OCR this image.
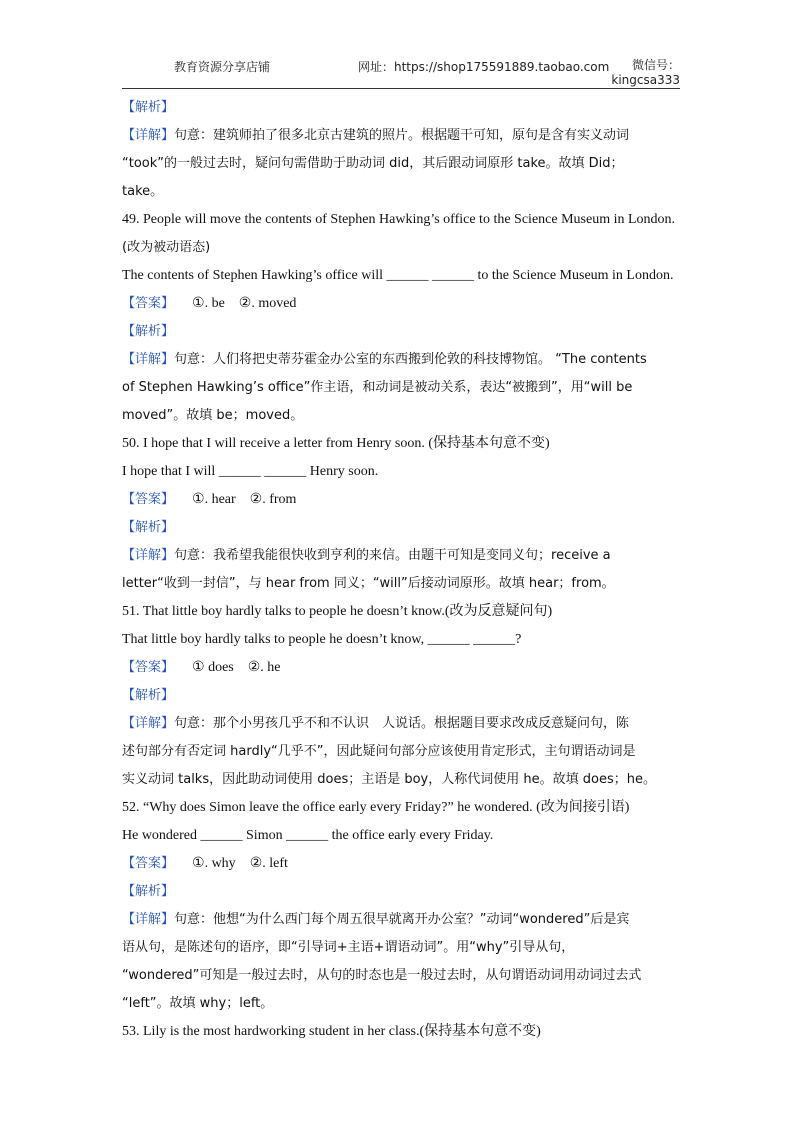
教育资源分享店铺	网址：https://shop175591889.taobao.com	微信号：
kingcsa333
【解析】
【详解】句意：建筑师拍了很多北京古建筑的照片。根据题干可知，原句是含有实义动词
“took”的一般过去时，疑问句需借助于助动词 did，其后跟动词原形 take。故填 Did；
take。
49. People will move the contents of Stephen Hawking’s office to the Science Museum in London.
(改为被动语态)
The contents of Stephen Hawking’s office will ______ ______ to the Science Museum in London.
【答案】 ①. be ②. moved
【解析】
【详解】句意：人们将把史蒂芬霍金办公室的东西搬到伦敦的科技博物馆。 “The contents
of Stephen Hawking’s office”作主语，和动词是被动关系，表达“被搬到”，用“will be
moved”。故填 be；moved。
50. I hope that I will receive a letter from Henry soon. (保持基本句意不变)
I hope that I will ______ ______ Henry soon.
【答案】 ①. hear ②. from
【解析】
【详解】句意：我希望我能很快收到亨利的来信。由题干可知是变同义句；receive a
letter“收到一封信”，与 hear from 同义；“will”后接动词原形。故填 hear；from。
51. That little boy hardly talks to people he doesn’t know.(改为反意疑问句)
That little boy hardly talks to people he doesn’t know, ______ ______?
【答案】 ① does ②. he
【解析】
【详解】句意：那个小男孩几乎不和不认识　人说话。根据题目要求改成反意疑问句，陈
述句部分有否定词 hardly“几乎不”，因此疑问句部分应该使用肯定形式，主句谓语动词是
实义动词 talks，因此助动词使用 does；主语是 boy，人称代词使用 he。故填 does；he。
52. “Why does Simon leave the office early every Friday?” he wondered. (改为间接引语)
He wondered ______ Simon ______ the office early every Friday.
【答案】 ①. why ②. left
【解析】
【详解】句意：他想“为什么西门每个周五很早就离开办公室？”动词“wondered”后是宾
语从句，是陈述句的语序，即“引导词+主语+谓语动词”。用“why”引导从句，
“wondered”可知是一般过去时，从句的时态也是一般过去时，从句谓语动词用动词过去式
“left”。故填 why；left。
53. Lily is the most hardworking student in her class.(保持基本句意不变)
